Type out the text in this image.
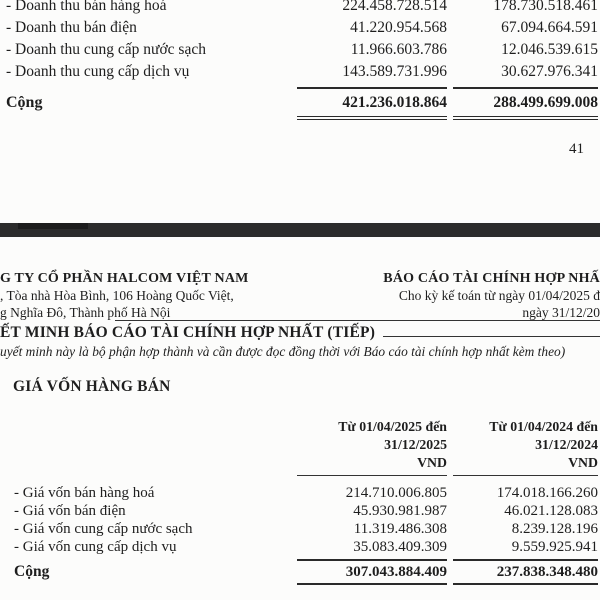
- Doanh thu bán hàng hoá	224.458.728.514	178.730.518.461
- Doanh thu bán điện	41.220.954.568	67.094.664.591
- Doanh thu cung cấp nước sạch	11.966.603.786	12.046.539.615
- Doanh thu cung cấp dịch vụ	143.589.731.996	30.627.976.341
Cộng	421.236.018.864	288.499.699.008
41
G TY CỔ PHẦN HALCOM VIỆT NAM
, Tòa nhà Hòa Bình, 106 Hoàng Quốc Việt,
g Nghĩa Đô, Thành phố Hà Nội
BÁO CÁO TÀI CHÍNH HỢP NHẤ
Cho kỳ kế toán từ ngày 01/04/2025 đ
ngày 31/12/20
ẾT MINH BÁO CÁO TÀI CHÍNH HỢP NHẤT (TIẾP)
uyết minh này là bộ phận hợp thành và cần được đọc đồng thời với Báo cáo tài chính hợp nhất kèm theo)
GIÁ VỐN HÀNG BÁN
Từ 01/04/2025 đến
31/12/2025
VND
Từ 01/04/2024 đến
31/12/2024
VND
- Giá vốn bán hàng hoá	214.710.006.805	174.018.166.260
- Giá vốn bán điện	45.930.981.987	46.021.128.083
- Giá vốn cung cấp nước sạch	11.319.486.308	8.239.128.196
- Giá vốn cung cấp dịch vụ	35.083.409.309	9.559.925.941
Cộng	307.043.884.409	237.838.348.480
